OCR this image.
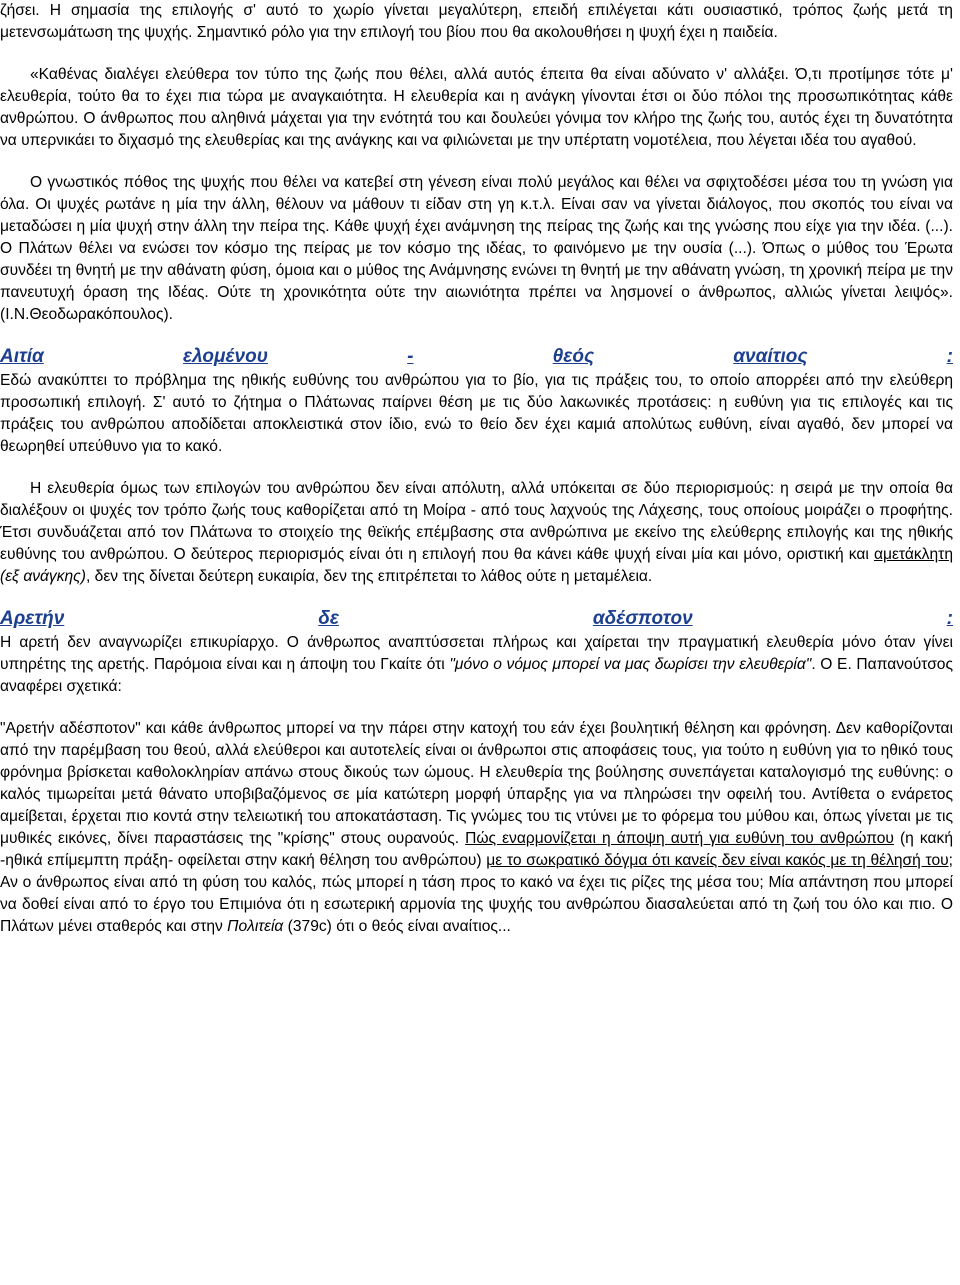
ζήσει. Η σημασία της επιλογής σ' αυτό το χωρίο γίνεται μεγαλύτερη, επειδή επιλέγεται κάτι ουσιαστικό, τρόπος ζωής μετά τη μετενσωμάτωση της ψυχής. Σημαντικό ρόλο για την επιλογή του βίου που θα ακολουθήσει η ψυχή έχει η παιδεία.

«Καθένας διαλέγει ελεύθερα τον τύπο της ζωής που θέλει, αλλά αυτός έπειτα θα είναι αδύνατο ν' αλλάξει. Ό,τι προτίμησε τότε μ' ελευθερία, τούτο θα το έχει πια τώρα με αναγκαιότητα. Η ελευθερία και η ανάγκη γίνονται έτσι οι δύο πόλοι της προσωπικότητας κάθε ανθρώπου. Ο άνθρωπος που αληθινά μάχεται για την ενότητά του και δουλεύει γόνιμα τον κλήρο της ζωής του, αυτός έχει τη δυνατότητα να υπερνικάει το διχασμό της ελευθερίας και της ανάγκης και να φιλιώνεται με την υπέρτατη νομοτέλεια, που λέγεται ιδέα του αγαθού.

Ο γνωστικός πόθος της ψυχής που θέλει να κατεβεί στη γένεση είναι πολύ μεγάλος και θέλει να σφιχτοδέσει μέσα του τη γνώση για όλα. Οι ψυχές ρωτάνε η μία την άλλη, θέλουν να μάθουν τι είδαν στη γη κ.τ.λ. Είναι σαν να γίνεται διάλογος, που σκοπός του είναι να μεταδώσει η μία ψυχή στην άλλη την πείρα της. Κάθε ψυχή έχει ανάμνηση της πείρας της ζωής και της γνώσης που είχε για την ιδέα. (...). Ο Πλάτων θέλει να ενώσει τον κόσμο της πείρας με τον κόσμο της ιδέας, το φαινόμενο με την ουσία (...). Όπως ο μύθος του Έρωτα συνδέει τη θνητή με την αθάνατη φύση, όμοια και ο μύθος της Ανάμνησης ενώνει τη θνητή με την αθάνατη γνώση, τη χρονική πείρα με την πανευτυχή όραση της Ιδέας. Ούτε τη χρονικότητα ούτε την αιωνιότητα πρέπει να λησμονεί ο άνθρωπος, αλλιώς γίνεται λειψός». (Ι.Ν.Θεοδωρακόπουλος).

Αιτία	ελομένου	-	θεός	αναίτιος	:

Εδώ ανακύπτει το πρόβλημα της ηθικής ευθύνης του ανθρώπου για το βίο, για τις πράξεις του, το οποίο απορρέει από την ελεύθερη προσωπική επιλογή. Σ' αυτό το ζήτημα ο Πλάτωνας παίρνει θέση με τις δύο λακωνικές προτάσεις: η ευθύνη για τις επιλογές και τις πράξεις του ανθρώπου αποδίδεται αποκλειστικά στον ίδιο, ενώ το θείο δεν έχει καμιά απολύτως ευθύνη, είναι αγαθό, δεν μπορεί να θεωρηθεί υπεύθυνο για το κακό.

Η ελευθερία όμως των επιλογών του ανθρώπου δεν είναι απόλυτη, αλλά υπόκειται σε δύο περιορισμούς: η σειρά με την οποία θα διαλέξουν οι ψυχές τον τρόπο ζωής τους καθορίζεται από τη Μοίρα - από τους λαχνούς της Λάχεσης, τους οποίους μοιράζει ο προφήτης. Έτσι συνδυάζεται από τον Πλάτωνα το στοιχείο της θεϊκής επέμβασης στα ανθρώπινα με εκείνο της ελεύθερης επιλογής και της ηθικής ευθύνης του ανθρώπου. Ο δεύτερος περιορισμός είναι ότι η επιλογή που θα κάνει κάθε ψυχή είναι μία και μόνο, οριστική και αμετάκλητη (εξ ανάγκης), δεν της δίνεται δεύτερη ευκαιρία, δεν της επιτρέπεται το λάθος ούτε η μεταμέλεια.

Αρετήν	δε	αδέσποτον	:

Η αρετή δεν αναγνωρίζει επικυρίαρχο. Ο άνθρωπος αναπτύσσεται πλήρως και χαίρεται την πραγματική ελευθερία μόνο όταν γίνει υπηρέτης της αρετής. Παρόμοια είναι και η άποψη του Γκαίτε ότι "μόνο ο νόμος μπορεί να μας δωρίσει την ελευθερία". Ο Ε. Παπανούτσος αναφέρει σχετικά:

"Αρετήν αδέσποτον" και κάθε άνθρωπος μπορεί να την πάρει στην κατοχή του εάν έχει βουλητική θέληση και φρόνηση. Δεν καθορίζονται από την παρέμβαση του θεού, αλλά ελεύθεροι και αυτοτελείς είναι οι άνθρωποι στις αποφάσεις τους, για τούτο η ευθύνη για το ηθικό τους φρόνημα βρίσκεται καθολοκληρίαν απάνω στους δικούς των ώμους. Η ελευθερία της βούλησης συνεπάγεται καταλογισμό της ευθύνης: ο καλός τιμωρείται μετά θάνατο υποβιβαζόμενος σε μία κατώτερη μορφή ύπαρξης για να πληρώσει την οφειλή του. Αντίθετα ο ενάρετος αμείβεται, έρχεται πιο κοντά στην τελειωτική του αποκατάσταση. Τις γνώμες του τις ντύνει με το φόρεμα του μύθου και, όπως γίνεται με τις μυθικές εικόνες, δίνει παραστάσεις της "κρίσης" στους ουρανούς. Πώς εναρμονίζεται η άποψη αυτή για ευθύνη του ανθρώπου (η κακή -ηθικά επίμεμπτη πράξη- οφείλεται στην κακή θέληση του ανθρώπου) με το σωκρατικό δόγμα ότι κανείς δεν είναι κακός με τη θέλησή του; Αν ο άνθρωπος είναι από τη φύση του καλός, πώς μπορεί η τάση προς το κακό να έχει τις ρίζες της μέσα του; Μία απάντηση που μπορεί να δοθεί είναι από το έργο του Επιμιόνα ότι η εσωτερική αρμονία της ψυχής του ανθρώπου διασαλεύεται από τη ζωή του όλο και πιο. Ο Πλάτων μένει σταθερός και στην Πολιτεία (379c) ότι ο θεός είναι αναίτιος...
